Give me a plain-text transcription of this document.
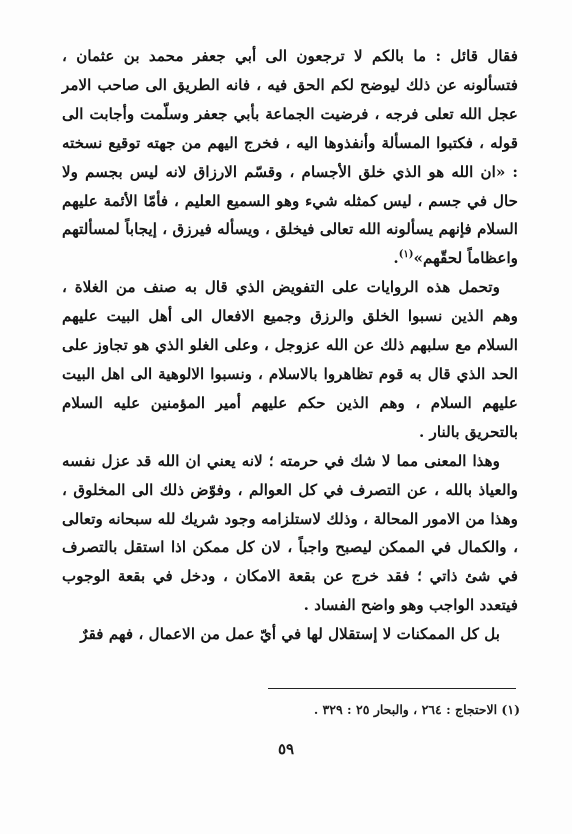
فقال قائل : ما بالكم لا ترجعون الى أبي جعفر محمد بن عثمان ، فتسألونه عن ذلك ليوضح لكم الحق فيه ، فانه الطريق الى صاحب الامر عجل الله تعلى فرجه ، فرضيت الجماعة بأبي جعفر وسلّمت وأجابت الى قوله ، فكتبوا المسألة وأنفذوها اليه ، فخرج اليهم من جهته توقيع نسخته : «ان الله هو الذي خلق الأجسام ، وقسّم الارزاق لانه ليس بجسم ولا حال في جسم ، ليس كمثله شيء وهو السميع العليم ، فأمّا الأئمة عليهم السلام فإنهم يسألونه الله تعالى فيخلق ، ويسأله فيرزق ، إيجاباً لمسألتهم واعظاماً لحقّهم»$^{(١)}$.

وتحمل هذه الروايات على التفويض الذي قال به صنف من الغلاة ، وهم الذين نسبوا الخلق والرزق وجميع الافعال الى أهل البيت عليهم السلام مع سلبهم ذلك عن الله عزوجل ، وعلى الغلو الذي هو تجاوز على الحد الذي قال به قوم تظاهروا بالاسلام ، ونسبوا الالوهية الى اهل البيت عليهم السلام ، وهم الذين حكم عليهم أمير المؤمنين عليه السلام بالتحريق بالنار .

وهذا المعنى مما لا شك في حرمته ؛ لانه يعني ان الله قد عزل نفسه والعياذ بالله ، عن التصرف في كل العوالم ، وفوّض ذلك الى المخلوق ، وهذا من الامور المحالة ، وذلك لاستلزامه وجود شريك لله سبحانه وتعالى ، والكمال في الممكن ليصبح واجباً ، لان كل ممكن اذا استقل بالتصرف في شئ ذاتي ؛ فقد خرج عن بقعة الامكان ، ودخل في بقعة الوجوب فيتعدد الواجب وهو واضح الفساد .

بل كل الممكنات لا إستقلال لها في أيّ عمل من الاعمال ، فهم فقرٌ

(١) الاحتجاج : ٢٦٤ ، والبحار ٢٥ : ٣٢٩ .
٥٩
